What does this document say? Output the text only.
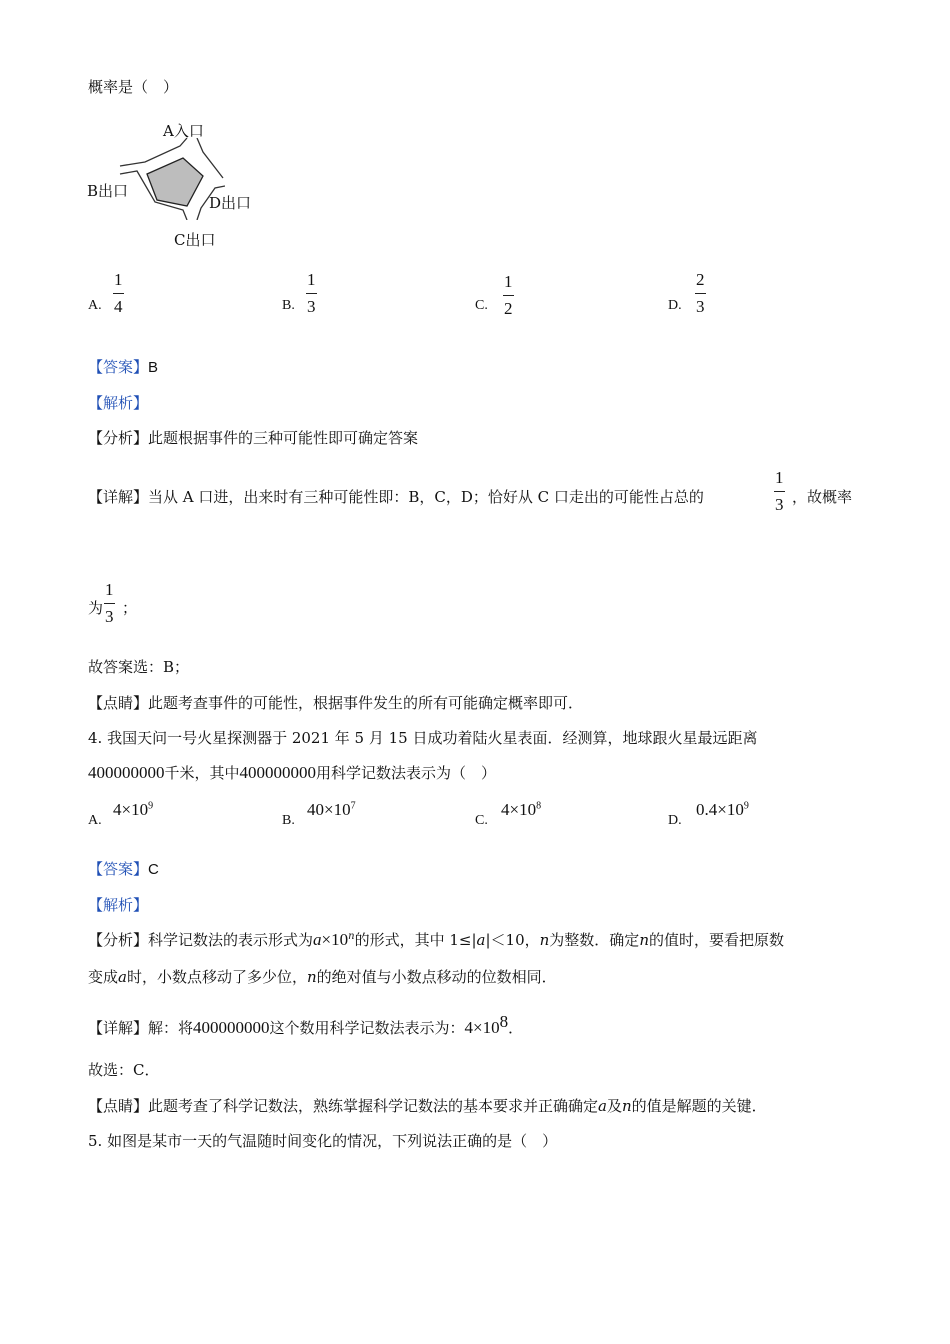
概率是（　）
A入口
B出口
D出口
C出口
A.
1
4	B.
1
3	C.
1
2	D.
2
3
【答案】B
【解析】
【分析】此题根据事件的三种可能性即可确定答案
【详解】当从 A 口进，出来时有三种可能性即：B，C，D；恰好从 C 口走出的可能性占总的
1
3 ，故概率
为
1
3 ；
故答案选：B；
【点睛】此题考查事件的可能性，根据事件发生的所有可能确定概率即可．
4. 我国天问一号火星探测器于 2021 年 5 月 15 日成功着陆火星表面．经测算，地球跟火星最远距离
400000000千米，其中400000000用科学记数法表示为（　）
A.
$4\times 10^9$
B.
$40\times 10^7$
C.
$4\times 10^8$
D.
$0.4\times 10^9$
【答案】C
【解析】
【分析】科学记数法的表示形式为$a\times 10^n$的形式，其中 1≤|a|＜10，n为整数．确定n的值时，要看把原数
变成a时，小数点移动了多少位，n的绝对值与小数点移动的位数相同．
【详解】解：将400000000这个数用科学记数法表示为：$4\times 10^8$．
故选：C．
【点睛】此题考查了科学记数法，熟练掌握科学记数法的基本要求并正确确定a及n的值是解题的关键．
5. 如图是某市一天的气温随时间变化的情况，下列说法正确的是（　）
